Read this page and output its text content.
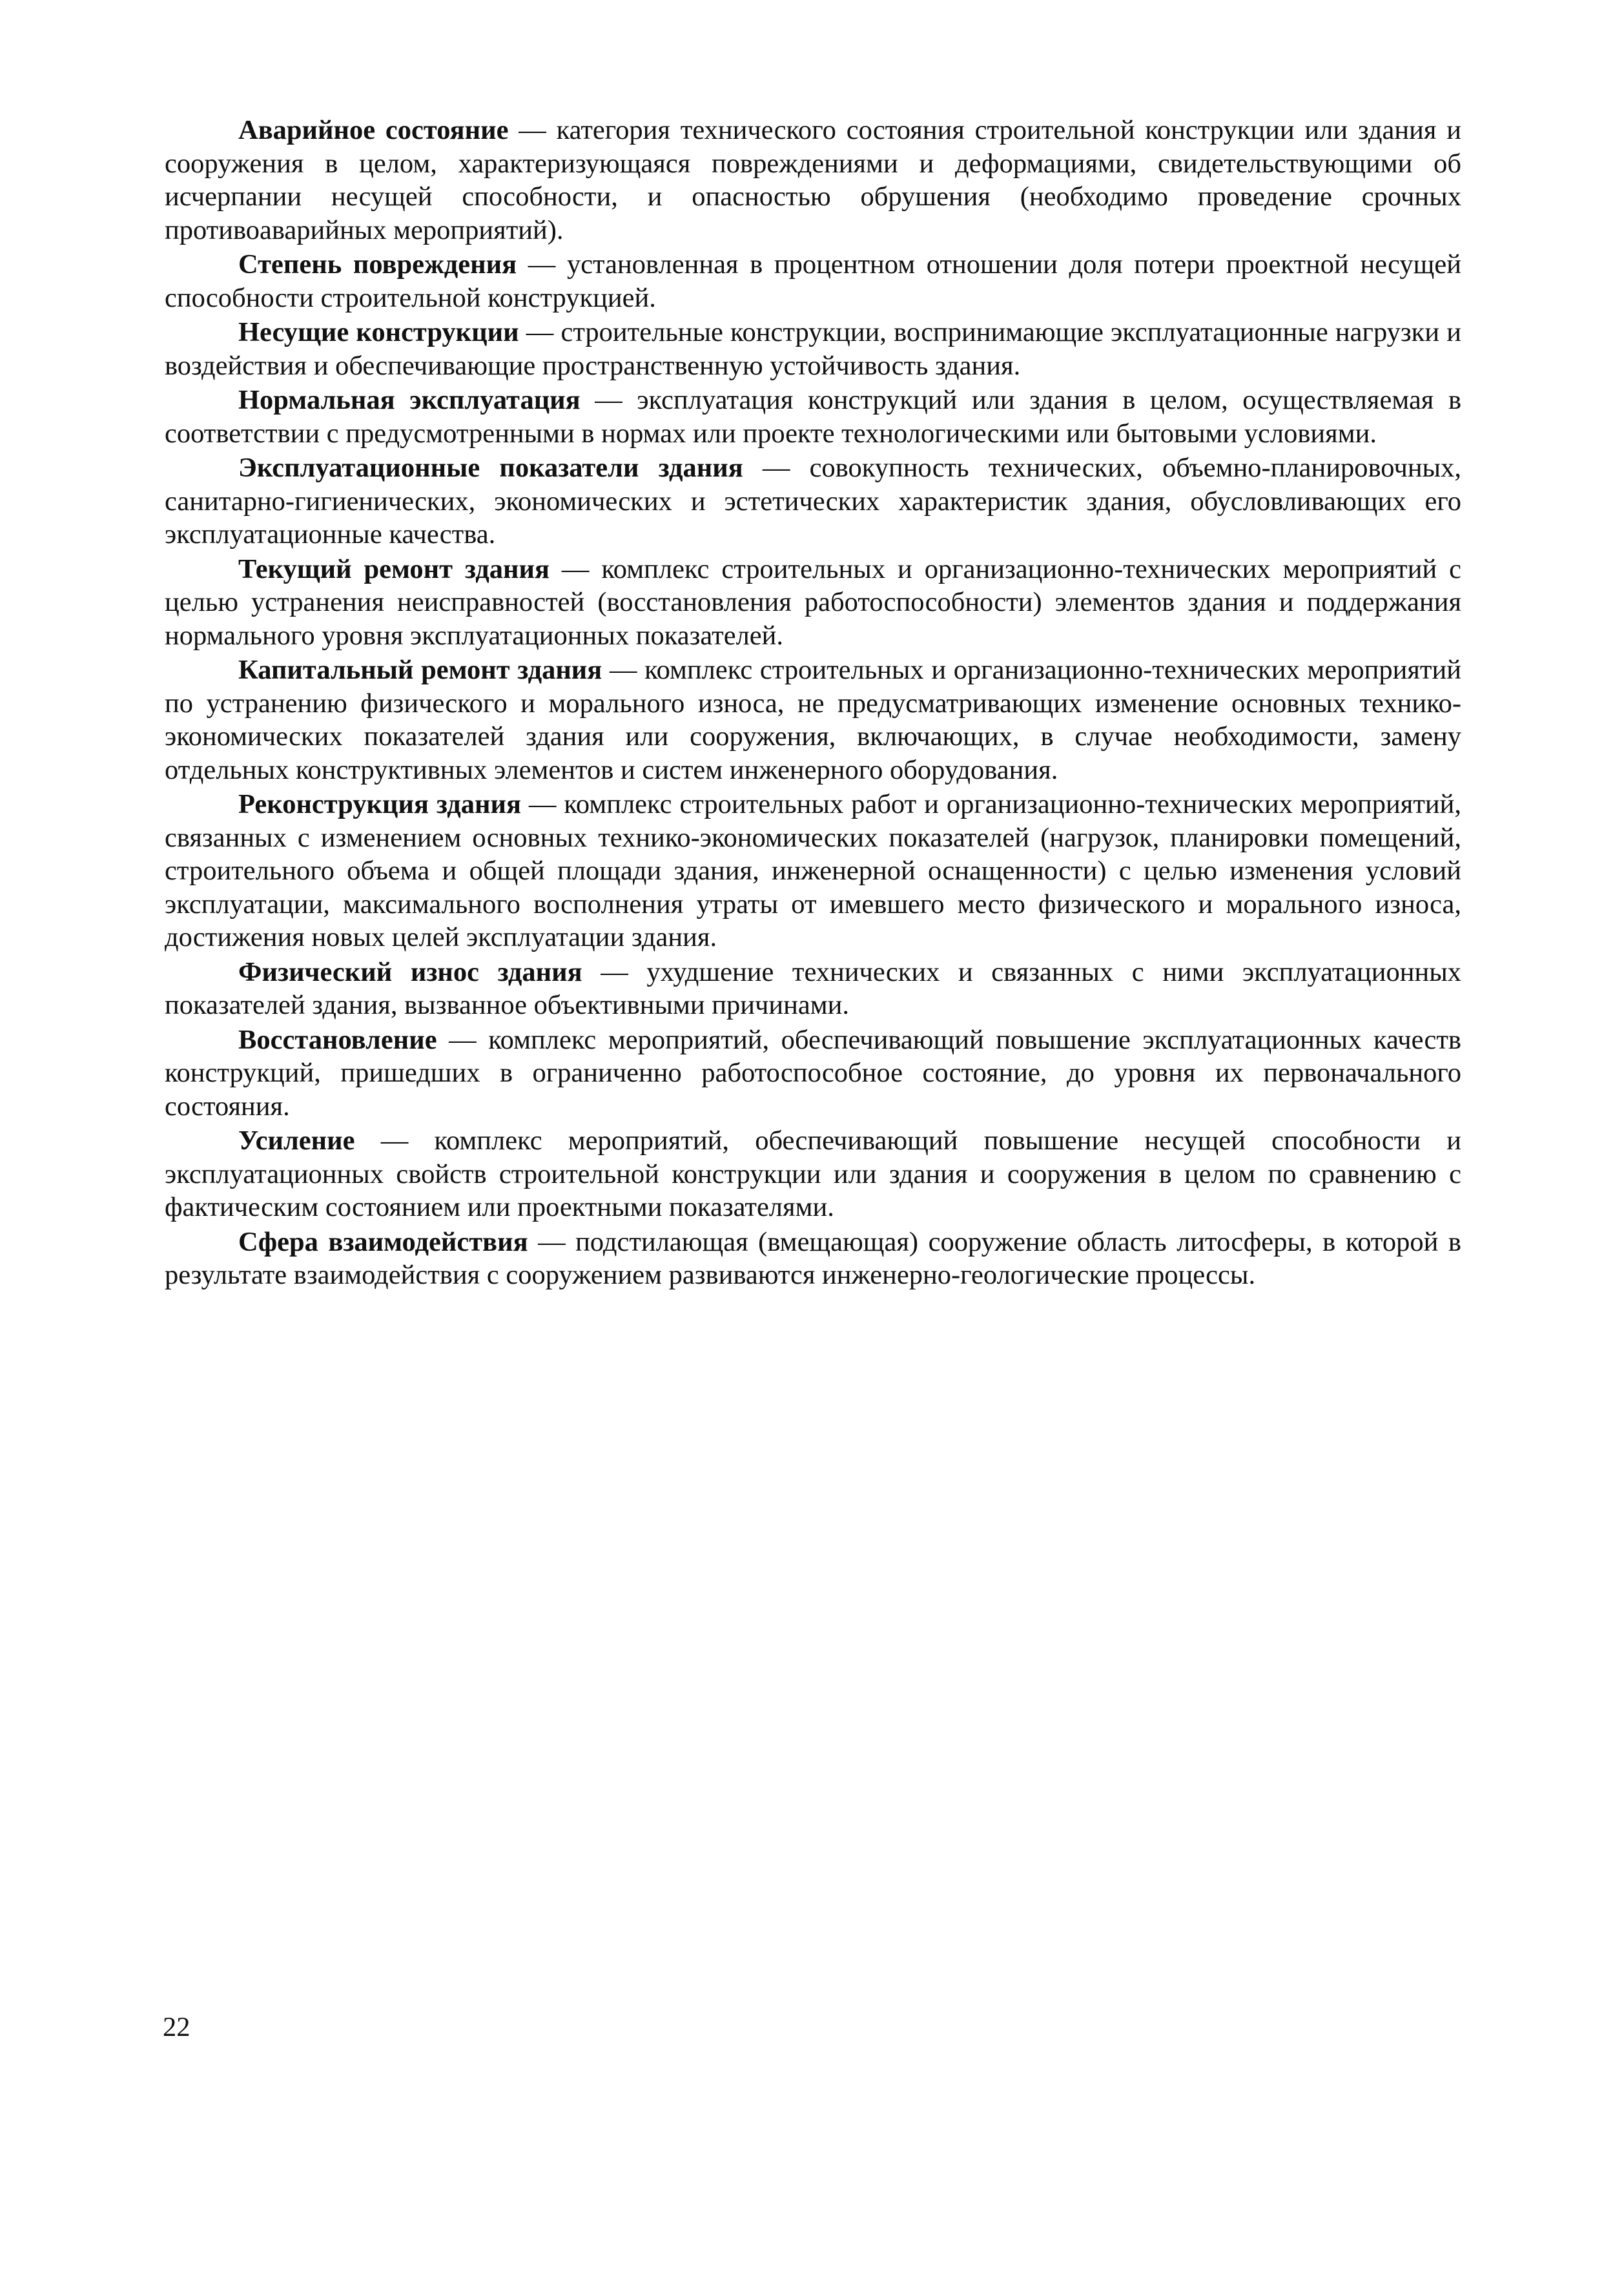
Аварийное состояние — категория технического состояния строительной конструкции или здания и сооружения в целом, характеризующаяся повреждениями и деформациями, свидетельствующими об исчерпании несущей способности, и опасностью обрушения (необходимо проведение срочных противоаварийных мероприятий).

Степень повреждения — установленная в процентном отношении доля потери проектной несущей способности строительной конструкцией.

Несущие конструкции — строительные конструкции, воспринимающие эксплуатационные нагрузки и воздействия и обеспечивающие пространственную устойчивость здания.

Нормальная эксплуатация — эксплуатация конструкций или здания в целом, осуществляемая в соответствии с предусмотренными в нормах или проекте технологическими или бытовыми условиями.

Эксплуатационные показатели здания — совокупность технических, объемно-планировочных, санитарно-гигиенических, экономических и эстетических характеристик здания, обусловливающих его эксплуатационные качества.

Текущий ремонт здания — комплекс строительных и организационно-технических мероприятий с целью устранения неисправностей (восстановления работоспособности) элементов здания и поддержания нормального уровня эксплуатационных показателей.

Капитальный ремонт здания — комплекс строительных и организационно-технических мероприятий по устранению физического и морального износа, не предусматривающих изменение основных технико-экономических показателей здания или сооружения, включающих, в случае необходимости, замену отдельных конструктивных элементов и систем инженерного оборудования.

Реконструкция здания — комплекс строительных работ и организационно-технических мероприятий, связанных с изменением основных технико-экономических показателей (нагрузок, планировки помещений, строительного объема и общей площади здания, инженерной оснащенности) с целью изменения условий эксплуатации, максимального восполнения утраты от имевшего место физического и морального износа, достижения новых целей эксплуатации здания.

Физический износ здания — ухудшение технических и связанных с ними эксплуатационных показателей здания, вызванное объективными причинами.

Восстановление — комплекс мероприятий, обеспечивающий повышение эксплуатационных качеств конструкций, пришедших в ограниченно работоспособное состояние, до уровня их первоначального состояния.

Усиление — комплекс мероприятий, обеспечивающий повышение несущей способности и эксплуатационных свойств строительной конструкции или здания и сооружения в целом по сравнению с фактическим состоянием или проектными показателями.

Сфера взаимодействия — подстилающая (вмещающая) сооружение область литосферы, в которой в результате взаимодействия с сооружением развиваются инженерно-геологические процессы.

22
